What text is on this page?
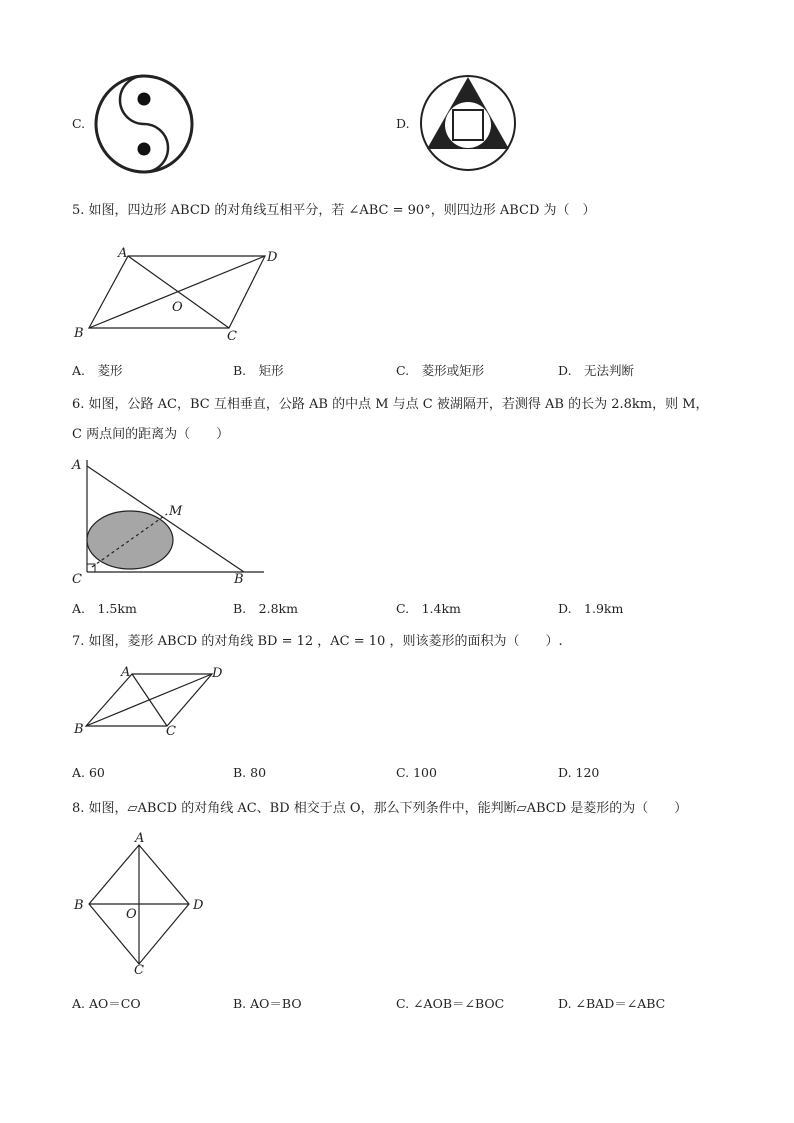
C.	D.
5. 如图，四边形 ABCD 的对角线互相平分，若 ∠ABC = 90°，则四边形 ABCD 为（　）
A	D
B	C
O
A.　菱形	B.　矩形	C.　菱形或矩形	D.　无法判断
6. 如图，公路 AC，BC 互相垂直，公路 AB 的中点 M 与点 C 被湖隔开，若测得 AB 的长为 2.8km，则 M，
C 两点间的距离为（　　）
A
C	B
M
A.　1.5km	B.　2.8km	C.　1.4km	D.　1.9km
7. 如图，菱形 ABCD 的对角线 BD = 12 ，AC = 10 ，则该菱形的面积为（　　）.
A	D
B	C
A. 60	B. 80	C. 100	D. 120
8. 如图，▱ABCD 的对角线 AC、BD 相交于点 O，那么下列条件中，能判断▱ABCD 是菱形的为（　　）
A
B	D
C
O
A. AO＝CO	B. AO＝BO	C. ∠AOB＝∠BOC	D. ∠BAD＝∠ABC
